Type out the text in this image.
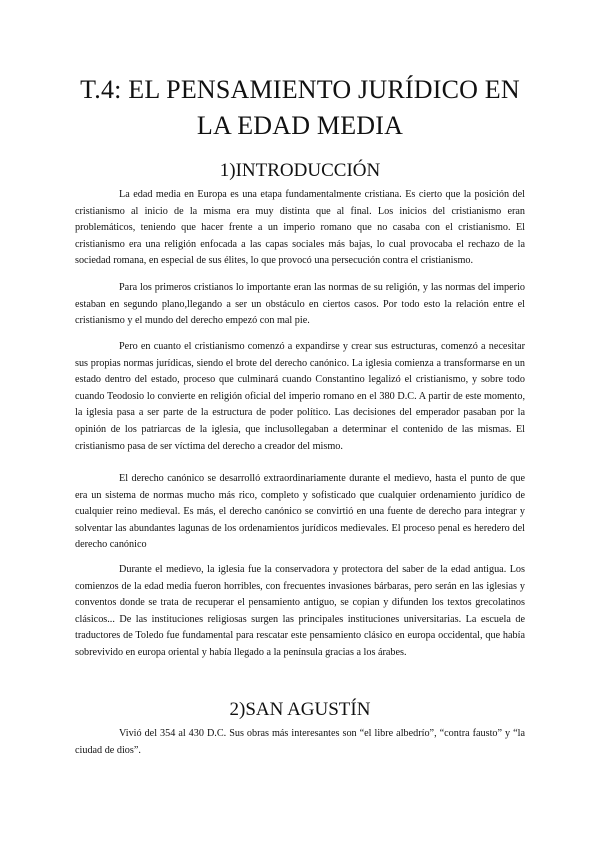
T.4: EL PENSAMIENTO JURÍDICO EN LA EDAD MEDIA
1)INTRODUCCIÓN

La edad media en Europa es una etapa fundamentalmente cristiana. Es cierto que la posición del cristianismo al inicio de la misma era muy distinta que al final. Los inicios del cristianismo eran problemáticos, teniendo que hacer frente a un imperio romano que no casaba con el cristianismo. El cristianismo era una religión enfocada a las capas sociales más bajas, lo cual provocaba el rechazo de la sociedad romana, en especial de sus élites, lo que provocó una persecución contra el cristianismo.

Para los primeros cristianos lo importante eran las normas de su religión, y las normas del imperio estaban en segundo plano,llegando a ser un obstáculo en ciertos casos. Por todo esto la relación entre el cristianismo y el mundo del derecho empezó con mal pie.

Pero en cuanto el cristianismo comenzó a expandirse y crear sus estructuras, comenzó a necesitar sus propias normas jurídicas, siendo el brote del derecho canónico. La iglesia comienza a transformarse en un estado dentro del estado, proceso que culminará cuando Constantino legalizó el cristianismo, y sobre todo cuando Teodosio lo convierte en religión oficial del imperio romano en el 380 D.C. A partir de este momento, la iglesia pasa a ser parte de la estructura de poder político. Las decisiones del emperador pasaban por la opinión de los patriarcas de la iglesia, que inclusollegaban a determinar el contenido de las mismas. El cristianismo pasa de ser víctima del derecho a creador del mismo.

El derecho canónico se desarrolló extraordinariamente durante el medievo, hasta el punto de que era un sistema de normas mucho más rico, completo y sofisticado que cualquier ordenamiento jurídico de cualquier reino medieval. Es más, el derecho canónico se convirtió en una fuente de derecho para integrar y solventar las abundantes lagunas de los ordenamientos jurídicos medievales. El proceso penal es heredero del derecho canónico

Durante el medievo, la iglesia fue la conservadora y protectora del saber de la edad antigua. Los comienzos de la edad media fueron horribles, con frecuentes invasiones bárbaras, pero serán en las iglesias y conventos donde se trata de recuperar el pensamiento antiguo, se copian y difunden los textos grecolatinos clásicos... De las instituciones religiosas surgen las principales instituciones universitarias. La escuela de traductores de Toledo fue fundamental para rescatar este pensamiento clásico en europa occidental, que había sobrevivido en europa oriental y había llegado a la península gracias a los árabes.

2)SAN AGUSTÍN

Vivió del 354 al 430 D.C. Sus obras más interesantes son “el libre albedrío”, “contra fausto” y “la ciudad de dios”.
